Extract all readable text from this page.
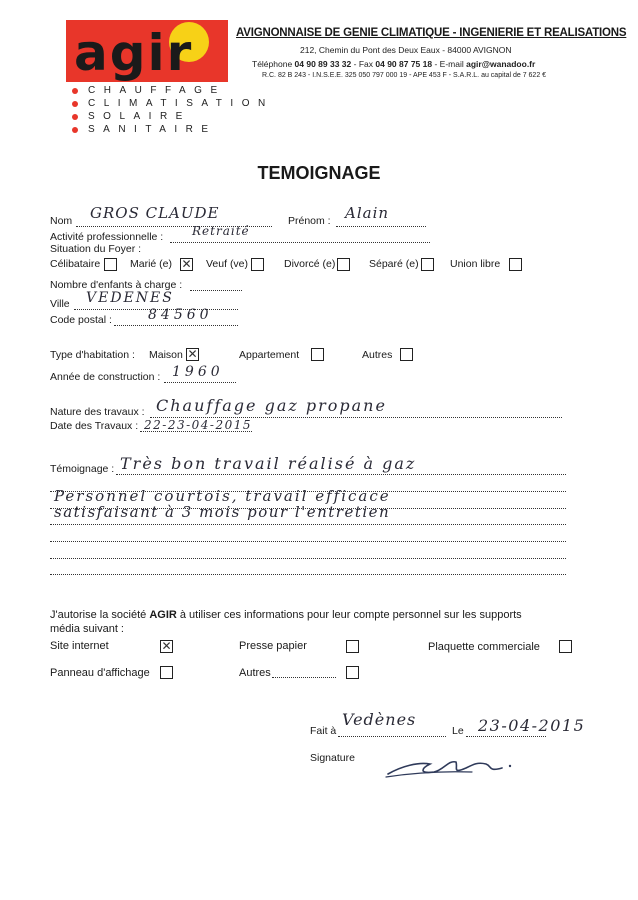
agir
CHAUFFAGE
CLIMATISATION
SOLAIRE
SANITAIRE
AVIGNONNAISE DE GENIE CLIMATIQUE - INGENIERIE ET REALISATIONS
212, Chemin du Pont des Deux Eaux - 84000 AVIGNON
Téléphone 04 90 89 33 32 - Fax 04 90 87 75 18 - E-mail agir@wanadoo.fr
R.C. 82 B 243 - I.N.S.E.E. 325 050 797 000 19 - APE 453 F - S.A.R.L. au capital de 7 622 €
TEMOIGNAGE
Nom GROS CLAUDE	Prénom : Alain
Activité professionnelle : Retraité
Situation du Foyer :
Célibataire	Marié (e) ✕ Veuf (ve)	Divorcé (e)	Séparé (e)	Union libre
Nombre d'enfants à charge :
Ville VEDENES
Code postal :	84560
Type d'habitation : Maison ✕	Appartement	Autres
Année de construction : 1960
Nature des travaux : Chauffage gaz propane
Date des Travaux : 22-23-04-2015
Témoignage : Très bon travail réalisé à gaz
Personnel courtois, travail efficace
satisfaisant à 3 mois pour l'entretien
J'autorise la société AGIR à utiliser ces informations pour leur compte personnel sur les supports
média suivant :
Site internet	✕	Presse papier	Plaquette commerciale
Panneau d'affichage	Autres
Fait à
Vedènes
Le 23-04-2015
Signature
